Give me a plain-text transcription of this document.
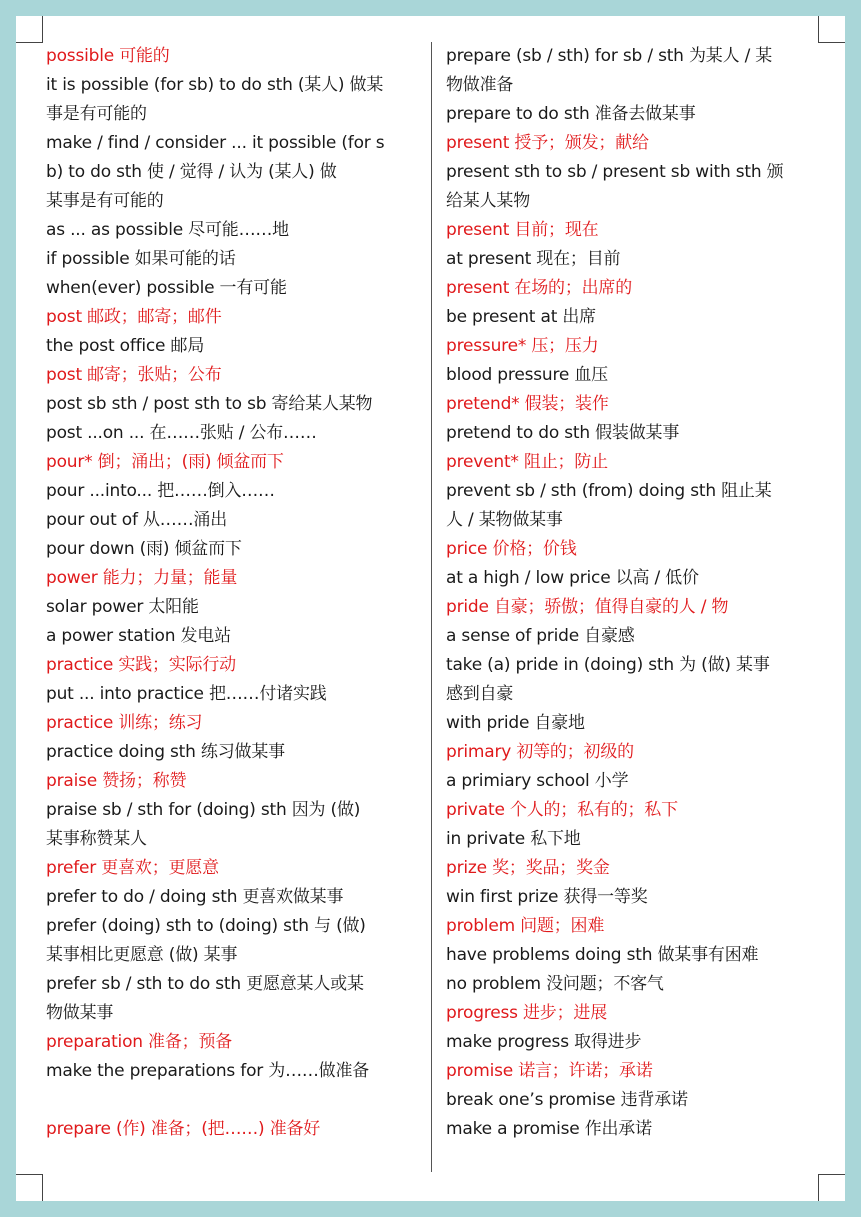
possible 可能的
it is possible (for sb) to do sth (某人) 做某
事是有可能的
make / find / consider ... it possible (for s
b) to do sth 使 / 觉得 / 认为 (某人) 做
某事是有可能的
as ... as possible 尽可能……地
if possible 如果可能的话
when(ever) possible 一有可能
post 邮政；邮寄；邮件
the post office 邮局
post 邮寄；张贴；公布
post sb sth / post sth to sb 寄给某人某物
post ...on ... 在……张贴 / 公布……
pour* 倒；涌出；(雨) 倾盆而下
pour ...into... 把……倒入……
pour out of 从……涌出
pour down (雨) 倾盆而下
power 能力；力量；能量
solar power 太阳能
a power station 发电站
practice 实践；实际行动
put ... into practice 把……付诸实践
practice 训练；练习
practice doing sth 练习做某事
praise 赞扬；称赞
praise sb / sth for (doing) sth 因为 (做)
某事称赞某人
prefer 更喜欢；更愿意
prefer to do / doing sth 更喜欢做某事
prefer (doing) sth to (doing) sth 与 (做)
某事相比更愿意 (做) 某事
prefer sb / sth to do sth 更愿意某人或某
物做某事
preparation 准备；预备
make the preparations for 为……做准备
prepare (作) 准备；(把……) 准备好
prepare (sb / sth) for sb / sth 为某人 / 某
物做准备
prepare to do sth 准备去做某事
present 授予；颁发；献给
present sth to sb / present sb with sth 颁
给某人某物
present 目前；现在
at present 现在；目前
present 在场的；出席的
be present at 出席
pressure* 压；压力
blood pressure 血压
pretend* 假装；装作
pretend to do sth 假装做某事
prevent* 阻止；防止
prevent sb / sth (from) doing sth 阻止某
人 / 某物做某事
price 价格；价钱
at a high / low price 以高 / 低价
pride 自豪；骄傲；值得自豪的人 / 物
a sense of pride 自豪感
take (a) pride in (doing) sth 为 (做) 某事
感到自豪
with pride 自豪地
primary 初等的；初级的
a primiary school 小学
private 个人的；私有的；私下
in private 私下地
prize 奖；奖品；奖金
win first prize 获得一等奖
problem 问题；困难
have problems doing sth 做某事有困难
no problem 没问题；不客气
progress 进步；进展
make progress 取得进步
promise 诺言；许诺；承诺
break one’s promise 违背承诺
make a promise 作出承诺
